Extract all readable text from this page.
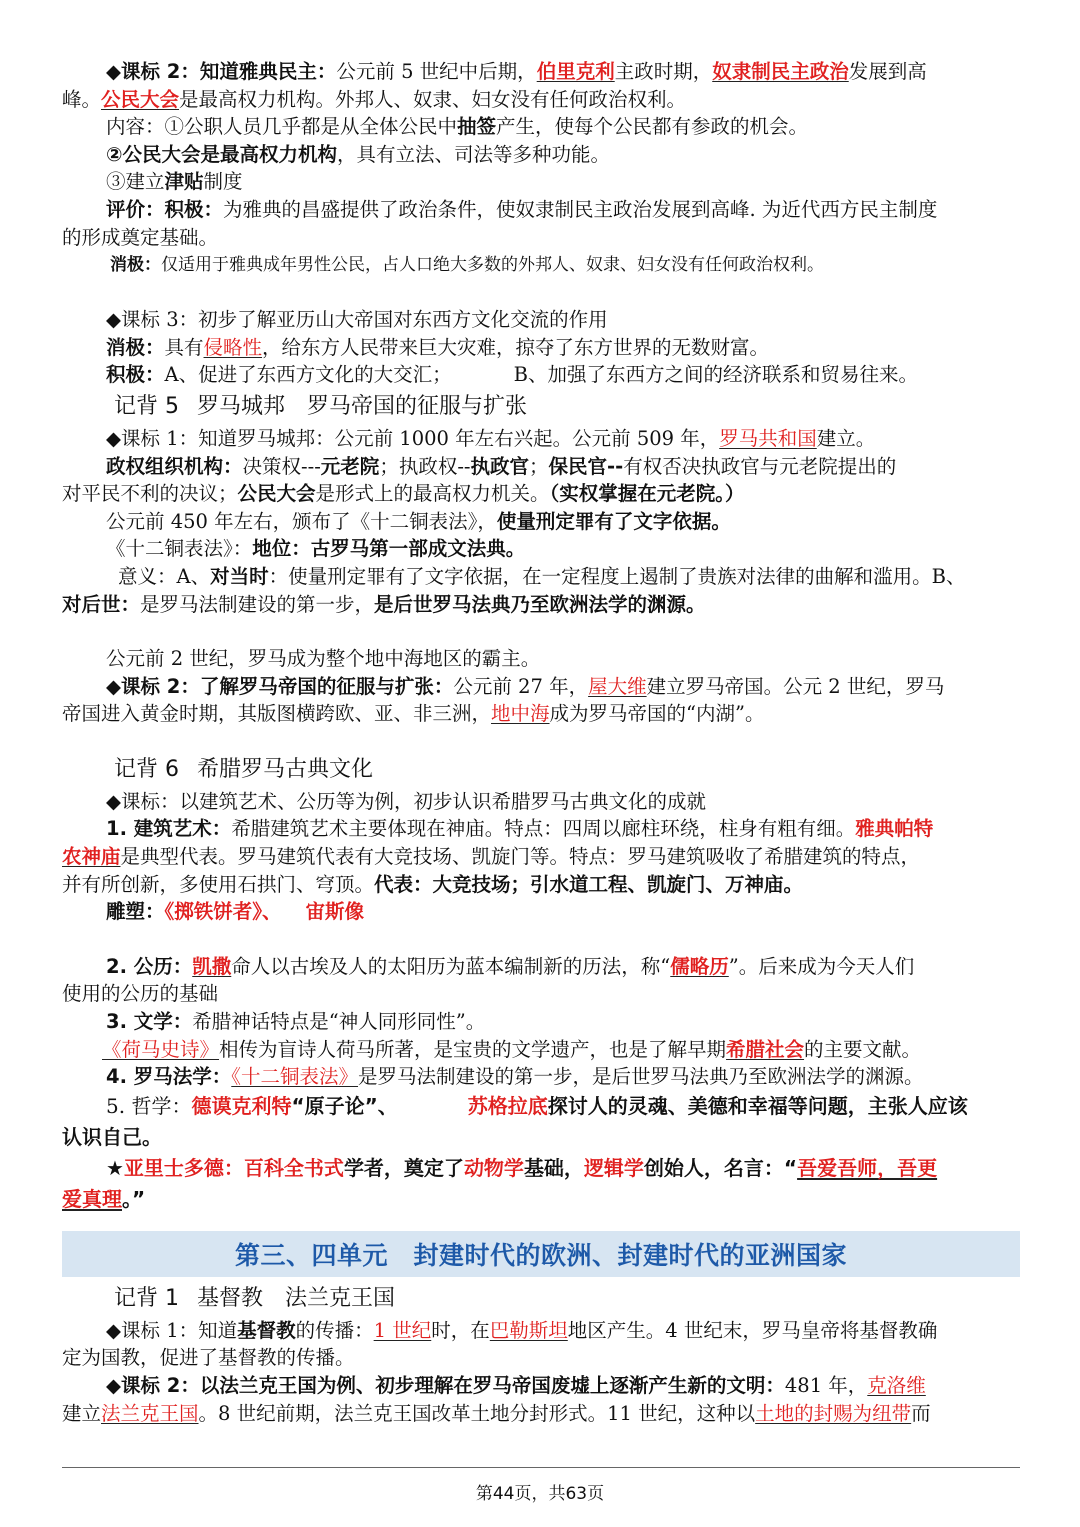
◆课标 2：知道雅典民主：公元前 5 世纪中后期，伯里克利主政时期，奴隶制民主政治发展到高

峰。公民大会是最高权力机构。外邦人、奴隶、妇女没有任何政治权利。

内容：①公职人员几乎都是从全体公民中抽签产生，使每个公民都有参政的机会。

②公民大会是最高权力机构，具有立法、司法等多种功能。

③建立津贴制度

评价：积极：为雅典的昌盛提供了政治条件，使奴隶制民主政治发展到高峰. 为近代西方民主制度

的形成奠定基础。

消极：仅适用于雅典成年男性公民，占人口绝大多数的外邦人、奴隶、妇女没有任何政治权利。

◆课标 3：初步了解亚历山大帝国对东西方文化交流的作用

消极：具有侵略性，给东方人民带来巨大灾难，掠夺了东方世界的无数财富。

积极：A、促进了东西方文化的大交汇；	B、加强了东西方之间的经济联系和贸易往来。

记背 5 罗马城邦　罗马帝国的征服与扩张

◆课标 1：知道罗马城邦：公元前 1000 年左右兴起。公元前 509 年，罗马共和国建立。

政权组织机构：决策权---元老院；执政权--执政官；保民官--有权否决执政官与元老院提出的

对平民不利的决议；公民大会是形式上的最高权力机关。（实权掌握在元老院。）

公元前 450 年左右，颁布了《十二铜表法》，使量刑定罪有了文字依据。

《十二铜表法》：地位：古罗马第一部成文法典。

意义：A、对当时：使量刑定罪有了文字依据，在一定程度上遏制了贵族对法律的曲解和滥用。B、

对后世：是罗马法制建设的第一步，是后世罗马法典乃至欧洲法学的渊源。

公元前 2 世纪，罗马成为整个地中海地区的霸主。

◆课标 2：了解罗马帝国的征服与扩张：公元前 27 年，屋大维建立罗马帝国。公元 2 世纪，罗马

帝国进入黄金时期，其版图横跨欧、亚、非三洲，地中海成为罗马帝国的“内湖”。

记背 6 希腊罗马古典文化

◆课标：以建筑艺术、公历等为例，初步认识希腊罗马古典文化的成就

1. 建筑艺术：希腊建筑艺术主要体现在神庙。特点：四周以廊柱环绕，柱身有粗有细。雅典帕特

农神庙是典型代表。罗马建筑代表有大竞技场、凯旋门等。特点：罗马建筑吸收了希腊建筑的特点，

并有所创新，多使用石拱门、穹顶。代表：大竞技场；引水道工程、凯旋门、万神庙。

雕塑：《掷铁饼者》、 宙斯像

2. 公历：凯撒命人以古埃及人的太阳历为蓝本编制新的历法，称“儒略历”。后来成为今天人们

使用的公历的基础

3. 文学：希腊神话特点是“神人同形同性”。

《荷马史诗》相传为盲诗人荷马所著，是宝贵的文学遗产，也是了解早期希腊社会的主要文献。

4. 罗马法学：《十二铜表法》是罗马法制建设的第一步，是后世罗马法典乃至欧洲法学的渊源。

5. 哲学：德谟克利特“原子论”、	苏格拉底探讨人的灵魂、美德和幸福等问题，主张人应该

认识自己。

★亚里士多德：百科全书式学者，奠定了动物学基础，逻辑学创始人，名言：“吾爱吾师，吾更

爱真理。”

第三、四单元　封建时代的欧洲、封建时代的亚洲国家

记背 1 基督教　法兰克王国

◆课标 1：知道基督教的传播：1 世纪时，在巴勒斯坦地区产生。4 世纪末，罗马皇帝将基督教确

定为国教，促进了基督教的传播。

◆课标 2：以法兰克王国为例、初步理解在罗马帝国废墟上逐渐产生新的文明：481 年，克洛维

建立法兰克王国。8 世纪前期，法兰克王国改革土地分封形式。11 世纪，这种以土地的封赐为纽带而

第44页，共63页
